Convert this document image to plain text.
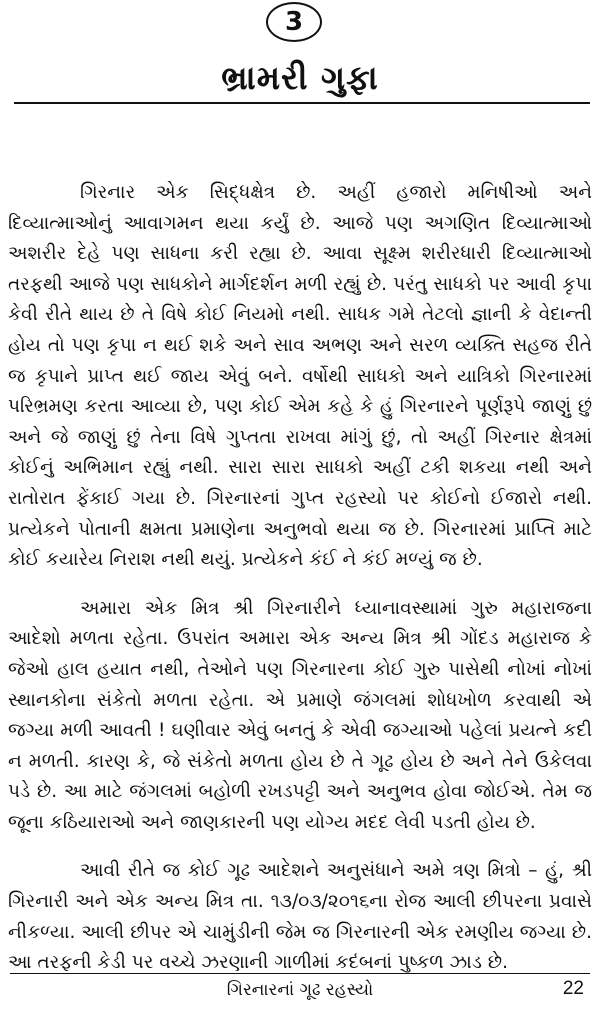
3
ભ્રામરી ગુફા

ગિરનાર એક સિદ્ધક્ષેત્ર છે. અહીં હજારો મનિષીઓ અને દિવ્યાત્માઓનું આવાગમન થયા કર્યું છે. આજે પણ અગણિત દિવ્યાત્માઓ અશરીર દેહે પણ સાધના કરી રહ્યા છે. આવા સૂક્ષ્મ શરીરધારી દિવ્યાત્માઓ તરફથી આજે પણ સાધકોને માર્ગદર્શન મળી રહ્યું છે. પરંતુ સાધકો પર આવી કૃપા કેવી રીતે થાય છે તે વિષે કોઈ નિયમો નથી. સાધક ગમે તેટલો જ્ઞાની કે વેદાન્તી હોય તો પણ કૃપા ન થઈ શકે અને સાવ અભણ અને સરળ વ્યક્તિ સહજ રીતે જ કૃપાને પ્રાપ્ત થઈ જાય એવું બને. વર્ષોથી સાધકો અને યાત્રિકો ગિરનારમાં પરિભ્રમણ કરતા આવ્યા છે, પણ કોઈ એમ કહે કે હું ગિરનારને પૂર્ણરૂપે જાણું છું અને જે જાણું છું તેના વિષે ગુપ્તતા રાખવા માંગું છું, તો અહીં ગિરનાર ક્ષેત્રમાં કોઈનું અભિમાન રહ્યું નથી. સારા સારા સાધકો અહીં ટકી શકયા નથી અને રાતોરાત ફેંકાઈ ગયા છે. ગિરનારનાં ગુપ્ત રહસ્યો પર કોઈનો ઈજારો નથી. પ્રત્યેકને પોતાની ક્ષમતા પ્રમાણેના અનુભવો થયા જ છે. ગિરનારમાં પ્રાપ્તિ માટે કોઈ કયારેય નિરાશ નથી થયું. પ્રત્યેકને કંઈ ને કંઈ મળ્યું જ છે.

અમારા એક મિત્ર શ્રી ગિરનારીને ધ્યાનાવસ્થામાં ગુરુ મહારાજના આદેશો મળતા રહેતા. ઉપરાંત અમારા એક અન્ય મિત્ર શ્રી ગોંદડ મહારાજ કે જેઓ હાલ હયાત નથી, તેઓને પણ ગિરનારના કોઈ ગુરુ પાસેથી નોખાં નોખાં સ્થાનકોના સંકેતો મળતા રહેતા. એ પ્રમાણે જંગલમાં શોધખોળ કરવાથી એ જગ્યા મળી આવતી ! ઘણીવાર એવું બનતું કે એવી જગ્યાઓ પહેલાં પ્રયત્ને કદી ન મળતી. કારણ કે, જે સંકેતો મળતા હોય છે તે ગૂઢ હોય છે અને તેને ઉકેલવા પડે છે. આ માટે જંગલમાં બહોળી રખડપટ્ટી અને અનુભવ હોવા જોઈએ. તેમ જ જૂના કઠિયારાઓ અને જાણકારની પણ યોગ્ય મદદ લેવી પડતી હોય છે.

આવી રીતે જ કોઈ ગૂઢ આદેશને અનુસંધાને અમે ત્રણ મિત્રો – હું, શ્રી ગિરનારી અને એક અન્ય મિત્ર તા. ૧૩/૦૩/૨૦૧૬ના રોજ આલી છીપરના પ્રવાસે નીકળ્યા. આલી છીપર એ ચામુંડીની જેમ જ ગિરનારની એક રમણીય જગ્યા છે. આ તરફની કેડી પર વચ્ચે ઝરણાની ગાળીમાં કદંબનાં પુષ્કળ ઝાડ છે.

ગિરનારનાં ગૂઢ રહસ્યો	22
